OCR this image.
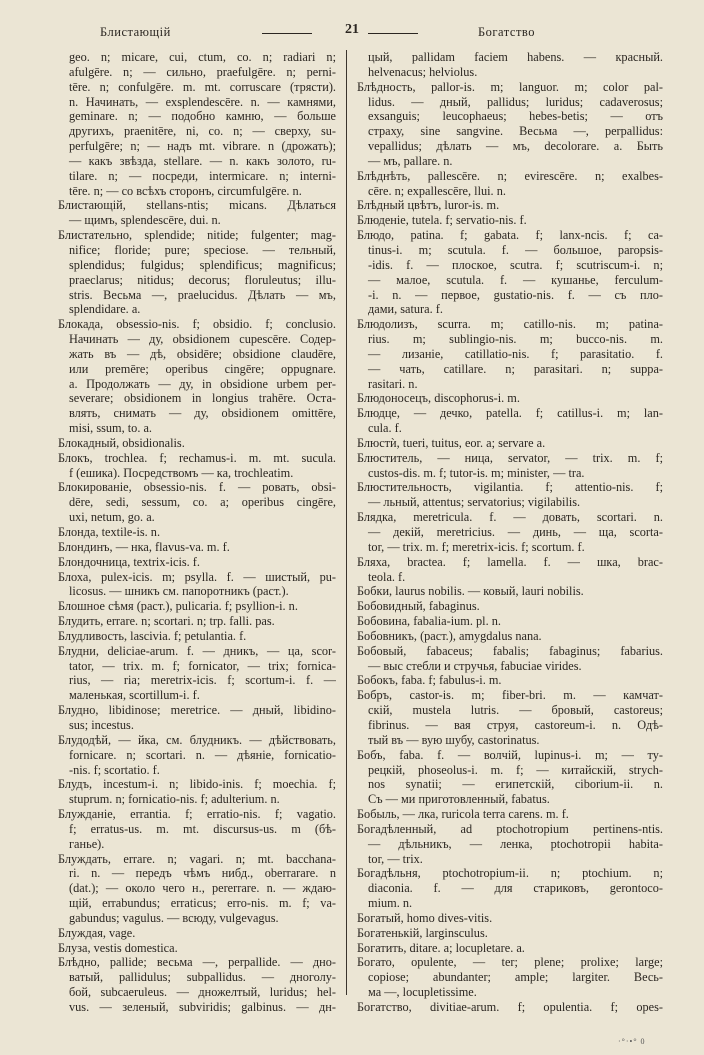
Блистающій	21	Богатство
geo. n; micare, cui, ctum, co. n; radiari n;
afulgēre. n; — сильно, praefulgēre. n; perni-
tēre. n; confulgēre. m. mt. corruscare (трясти).
n. Начинать, — exsplendescēre. n. — камнями,
geminare. n; — подобно камню, — больше
другихъ, praenitēre, ni, co. n; — сверху, su-
perfulgēre; n; — надъ mt. vibrare. n (дрожать);
— какъ звѣзда, stellare. — n. какъ золото, ru-
tilare. n; — посреди, intermicare. n; interni-
tēre. n; — со всѣхъ сторонъ, circumfulgēre. n.
Блистающій, stellans-ntis; micans. Дѣлаться
— щимъ, splendescēre, dui. n.
Блистательно, splendide; nitide; fulgenter; mag-
nifice; floride; pure; speciose. — тельный,
splendidus; fulgidus; splendificus; magnificus;
praeclarus; nitidus; decorus; floruleutus; illu-
stris. Весьма —, praelucidus. Дѣлать — мъ,
splendidare. a.
Блокада, obsessio-nis. f; obsidio. f; conclusio.
Начинать — ду, obsidionem cupescēre. Содер-
жать въ — дѣ, obsidēre; obsidione claudēre,
или premēre; operibus cingēre; oppugnare.
a. Продолжать — ду, in obsidione urbem per-
severare; obsidionem in longius trahēre. Оста-
влять, снимать — ду, obsidionem omittēre,
misi, ssum, to. a.
Блокадный, obsidionalis.
Блокъ, trochlea. f; rechamus-i. m. mt. sucula.
f (ешика). Посредствомъ — ка, trochleatim.
Блокированіе, obsessio-nis. f. — ровать, obsi-
dēre, sedi, sessum, co. a; operibus cingēre,
uxi, netum, go. a.
Блонда, textile-is. n.
Блондинъ, — нка, flavus-va. m. f.
Блондочница, textrix-icis. f.
Блоха, pulex-icis. m; psylla. f. — шистый, pu-
licosus. — шникъ см. папоротникъ (раст.).
Блошное сѣмя (раст.), pulicaria. f; psyllion-i. n.
Блудить, errare. n; scortari. n; trp. falli. pas.
Блудливость, lascivia. f; petulantia. f.
Блудни, deliciae-arum. f. — дникъ, — ца, scor-
tator, — trix. m. f; fornicator, — trix; fornica-
rius, — ria; meretrix-icis. f; scortum-i. f. —
маленькая, scortillum-i. f.
Блудно, libidinose; meretrice. — дный, libidino-
sus; incestus.
Блудодѣй, — йка, см. блудникъ. — дѣйствовать,
fornicare. n; scortari. n. — дѣяніе, fornicatio-
-nis. f; scortatio. f.
Блудъ, incestum-i. n; libido-inis. f; moechia. f;
stuprum. n; fornicatio-nis. f; adulterium. n.
Блужданіе, errantia. f; erratio-nis. f; vagatio.
f; erratus-us. m. mt. discursus-us. m (бѣ-
ганье).
Блуждать, errare. n; vagari. n; mt. bacchana-
ri. n. — передъ чѣмъ нибд., oberrarare. n
(dat.); — около чего н., pererrare. n. — ждаю-
щій, errabundus; erraticus; erro-nis. m. f; va-
gabundus; vagulus. — всюду, vulgevagus.
Блуждая, vage.
Блуза, vestis domestica.
Блѣдно, pallide; весьма —, perpallide. — дно-
ватый, pallidulus; subpallidus. — дноголу-
бой, subcaeruleus. — дножелтый, luridus; hel-
vus. — зеленый, subviridis; galbinus. — дн-
цый, pallidam faciem habens. — красный.
helvenacus; helviolus.
Блѣдность, pallor-is. m; languor. m; color pal-
lidus. — дный, pallidus; luridus; cadaverosus;
exsanguis; leucophaeus; hebes-betis; — отъ
страху, sine sangvine. Весьма —, perpallidus:
vepallidus; дѣлать — мъ, decolorare. a. Быть
— мъ, pallare. n.
Блѣднѣть, pallescēre. n; evirescēre. n; exalbes-
cēre. n; expallescēre, llui. n.
Блѣдный цвѣтъ, luror-is. m.
Блюденіе, tutela. f; servatio-nis. f.
Блюдо, patina. f; gabata. f; lanx-ncis. f; ca-
tinus-i. m; scutula. f. — большое, paropsis-
-idis. f. — плоское, scutra. f; scutriscum-i. n;
— малое, scutula. f. — кушанье, ferculum-
-i. n. — первое, gustatio-nis. f. — съ пло-
дами, satura. f.
Блюдолизъ, scurra. m; catillo-nis. m; patina-
rius. m; sublingio-nis. m; bucco-nis. m.
— лизаніе, catillatio-nis. f; parasitatio. f.
— чать, catillare. n; parasitari. n; suppa-
rasitari. n.
Блюдоносецъ, discophorus-i. m.
Блюдце, — дечко, patella. f; catillus-i. m; lan-
cula. f.
Блюстѝ, tueri, tuitus, eor. a; servare a.
Блюститель, — ница, servator, — trix. m. f;
custos-dis. m. f; tutor-is. m; minister, — tra.
Блюстительность, vigilantia. f; attentio-nis. f;
— льный, attentus; servatorius; vigilabilis.
Блядка, meretricula. f. — довать, scortari. n.
— декій, meretricius. — динь, — ща, scorta-
tor, — trix. m. f; meretrix-icis. f; scortum. f.
Бляха, bractea. f; lamella. f. — шка, brac-
teola. f.
Бобки, laurus nobilis. — ковый, lauri nobilis.
Бобовидный, fabaginus.
Бобовина, fabalia-ium. pl. n.
Бобовникъ, (раст.), amygdalus nana.
Бобовый, fabaceus; fabalis; fabaginus; fabarius.
— выс стебли и стручья, fabuciae virides.
Бобокъ, faba. f; fabulus-i. m.
Бобръ, castor-is. m; fiber-bri. m. — камчат-
скій, mustela lutris. — бровый, castoreus;
fibrinus. — вая струя, castoreum-i. n. Одѣ-
тый въ — вую шубу, castorinatus.
Бобъ, faba. f. — волчій, lupinus-i. m; — ту-
рецкій, phoseolus-i. m. f; — китайскій, strych-
nos synatii; — египетскій, ciborium-ii. n.
Съ — ми приготовленный, fabatus.
Бобыль, — лка, ruricola terra carens. m. f.
Богадѣленный, ad ptochotropium pertinens-ntis.
— дѣльникъ, — ленка, ptochotropii habita-
tor, — trix.
Богадѣльня, ptochotropium-ii. n; ptochium. n;
diaconia. f. — для стариковъ, gerontoco-
mium. n.
Богатый, homo dives-vitis.
Богатенькій, larginsculus.
Богатить, ditare. a; locupletare. a.
Богато, opulente, — ter; plene; prolixe; large;
copiose; abundanter; ample; largiter. Весь-
ма —, locupletissime.
Богатство, divitiae-arum. f; opulentia. f; opes-
·°·•° 0
